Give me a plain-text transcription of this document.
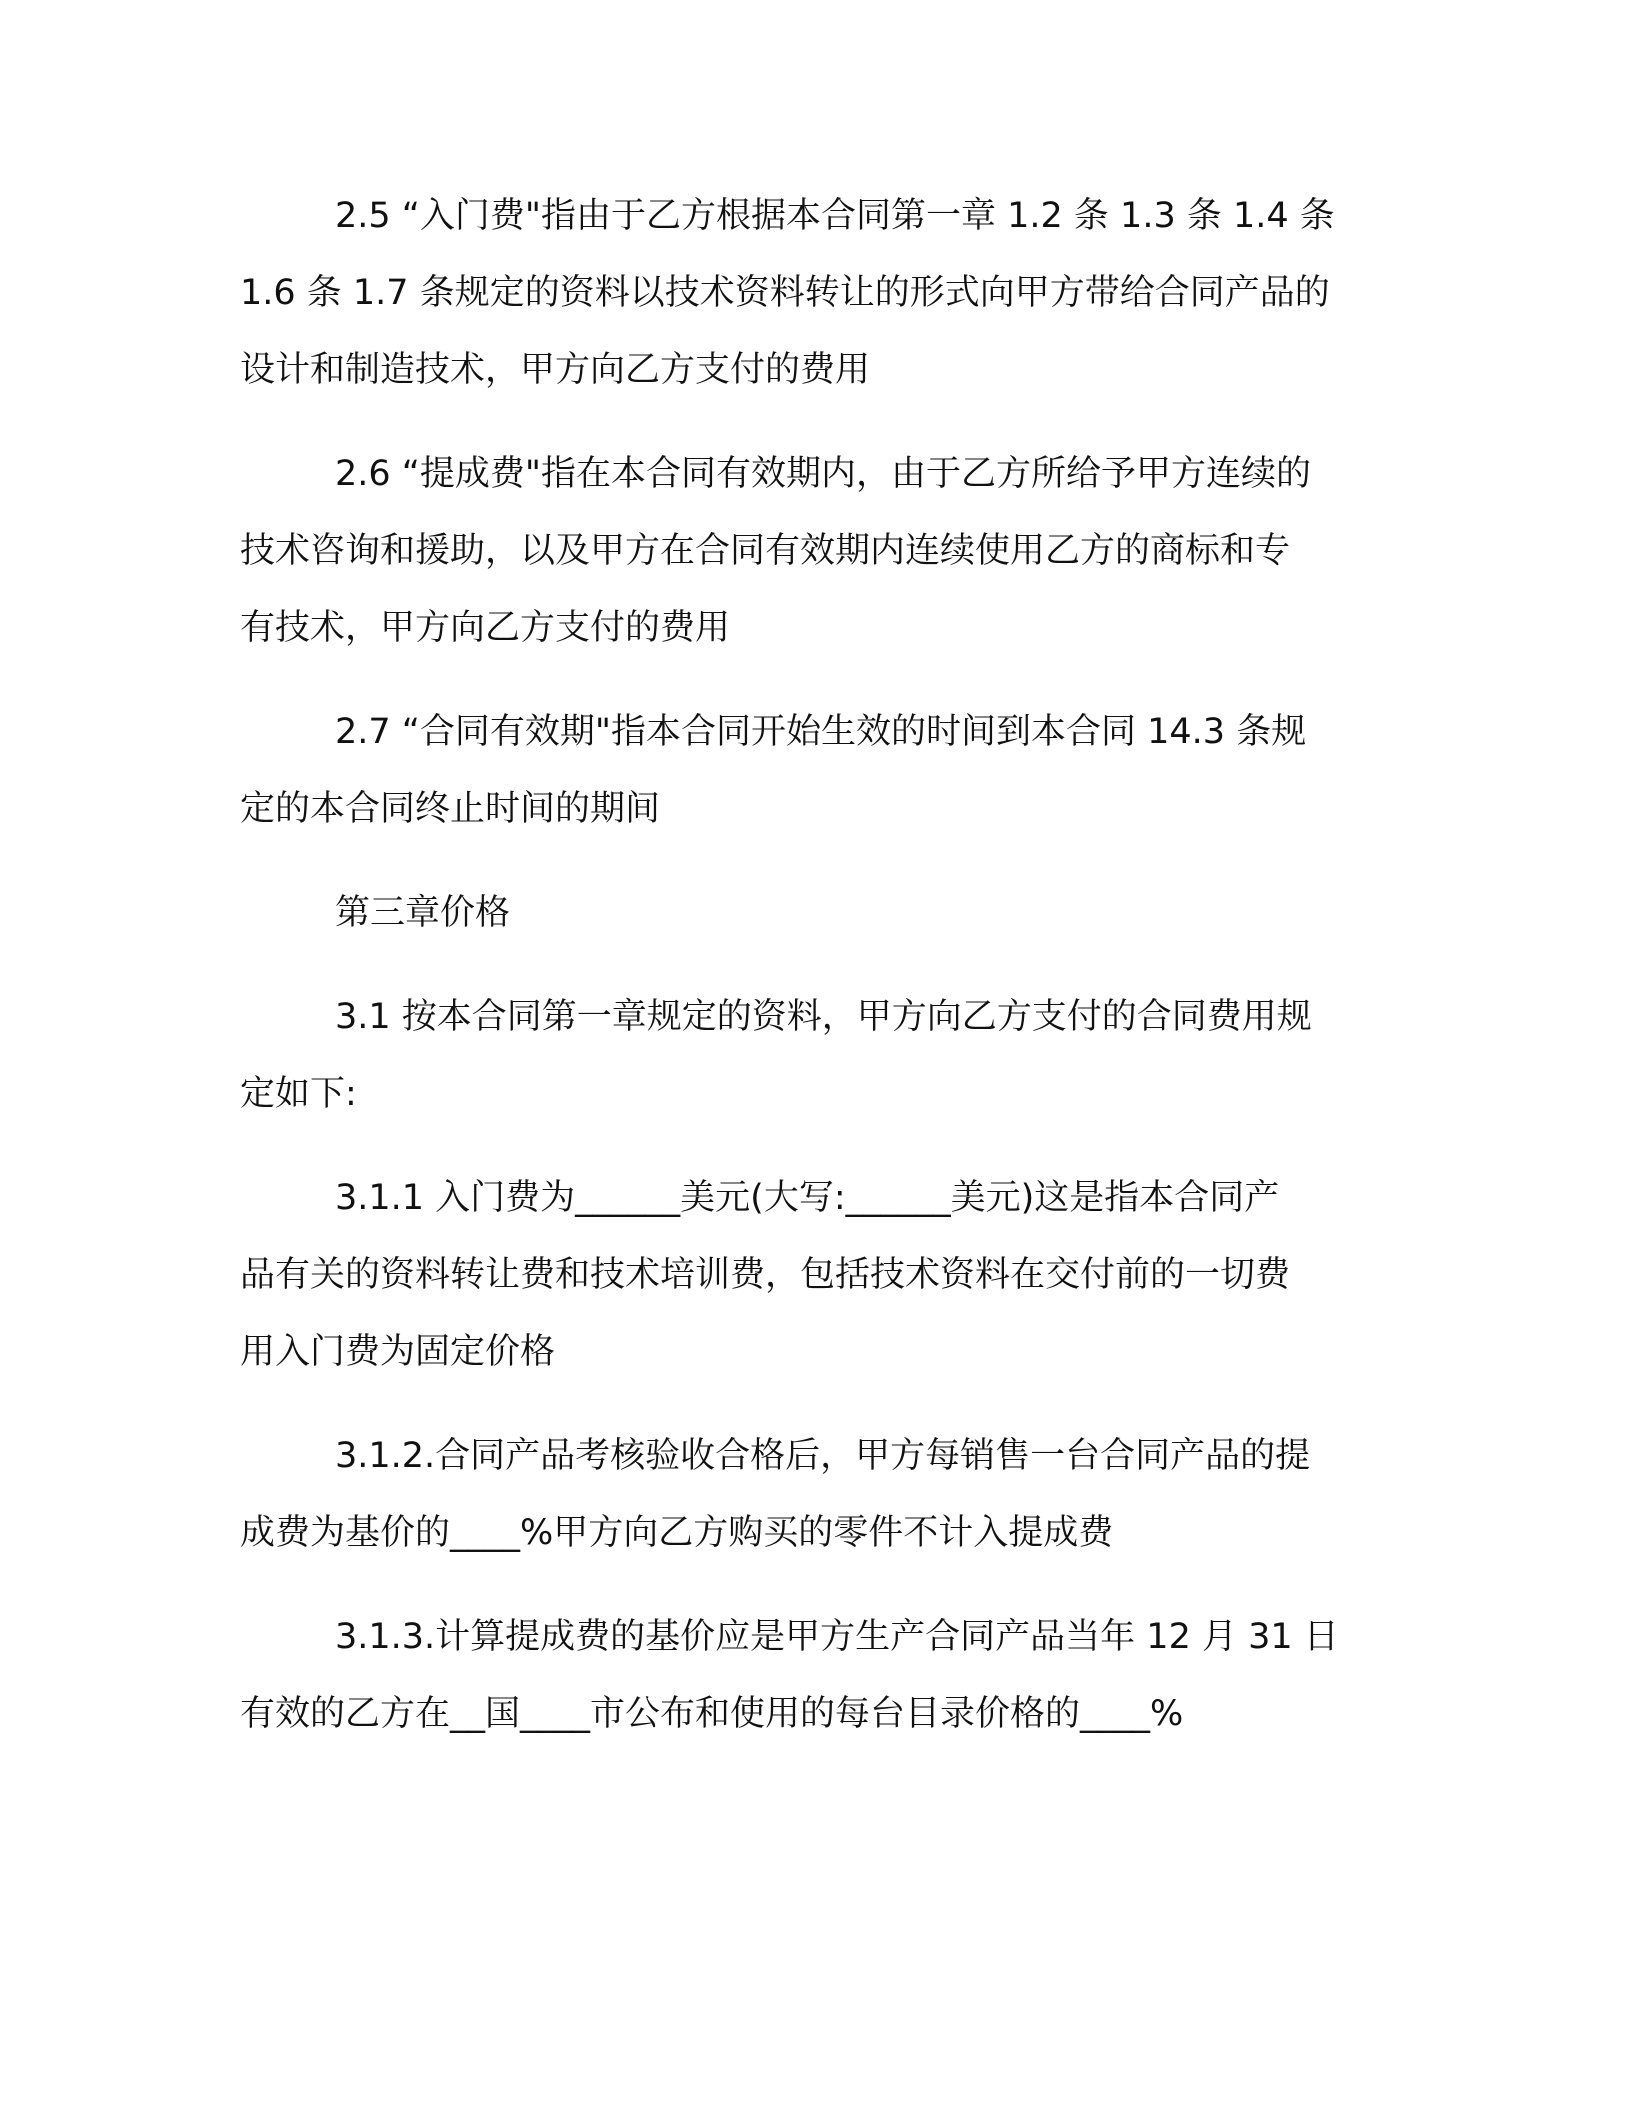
2.5 “入门费"指由于乙方根据本合同第一章 1.2 条 1.3 条 1.4 条
1.6 条 1.7 条规定的资料以技术资料转让的形式向甲方带给合同产品的
设计和制造技术，甲方向乙方支付的费用

2.6 “提成费"指在本合同有效期内，由于乙方所给予甲方连续的
技术咨询和援助，以及甲方在合同有效期内连续使用乙方的商标和专
有技术，甲方向乙方支付的费用

2.7 “合同有效期"指本合同开始生效的时间到本合同 14.3 条规
定的本合同终止时间的期间

第三章价格

3.1 按本合同第一章规定的资料，甲方向乙方支付的合同费用规
定如下:

3.1.1 入门费为______美元(大写:______美元)这是指本合同产
品有关的资料转让费和技术培训费，包括技术资料在交付前的一切费
用入门费为固定价格

3.1.2.合同产品考核验收合格后，甲方每销售一台合同产品的提
成费为基价的____%甲方向乙方购买的零件不计入提成费

3.1.3.计算提成费的基价应是甲方生产合同产品当年 12 月 31 日
有效的乙方在__国____市公布和使用的每台目录价格的____%
